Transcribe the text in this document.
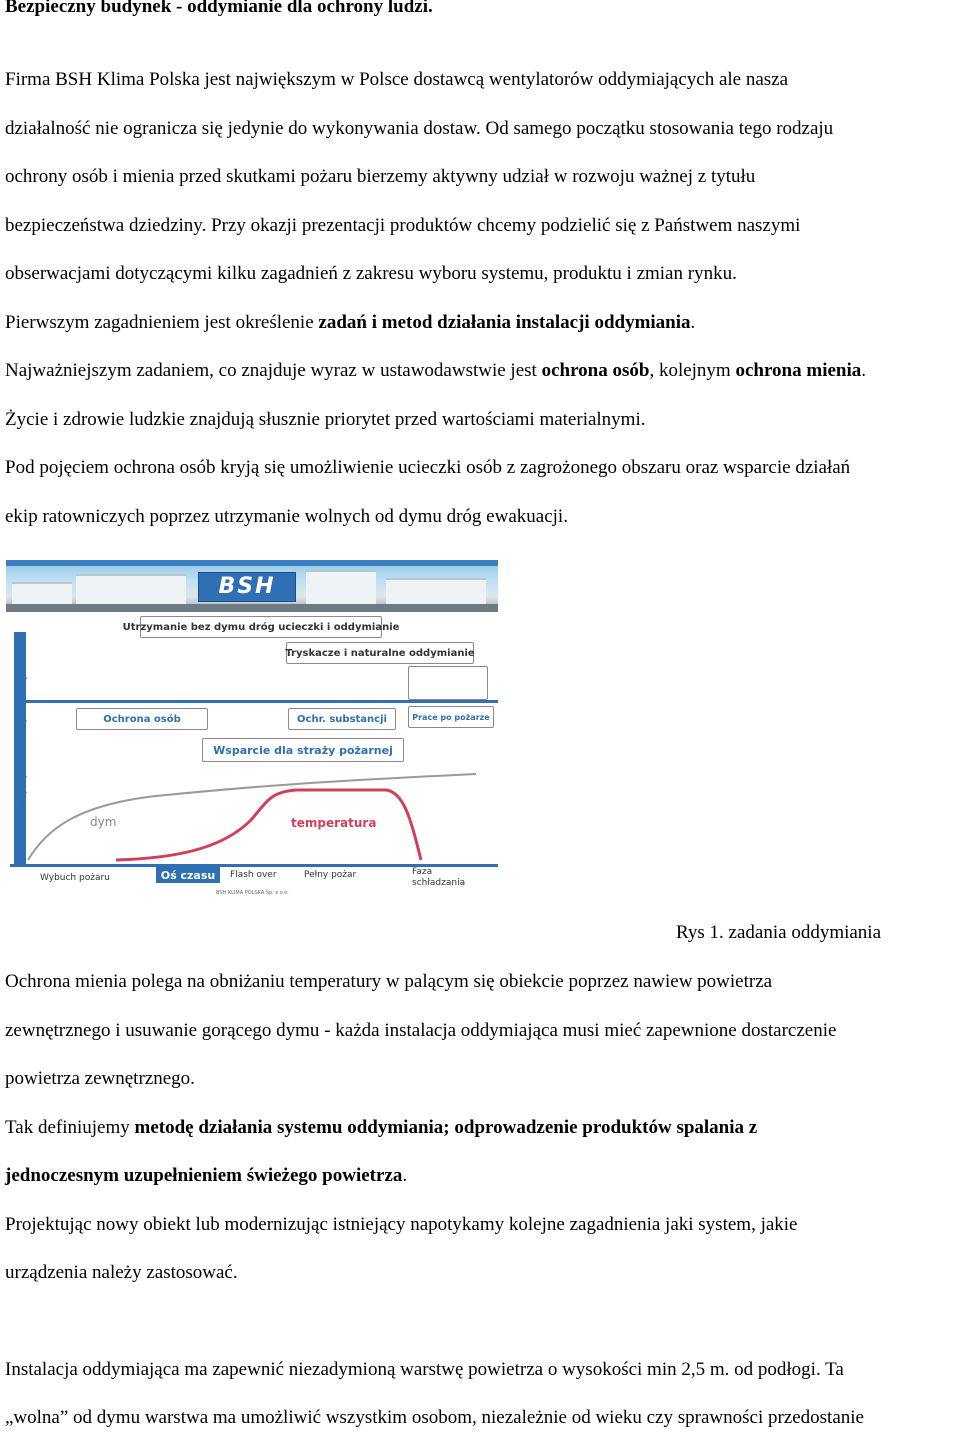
Bezpieczny budynek - oddymianie dla ochrony ludzi.
Firma BSH Klima Polska jest największym w Polsce dostawcą wentylatorów oddymiających ale nasza
działalność nie ogranicza się jedynie do wykonywania dostaw. Od samego początku stosowania tego rodzaju
ochrony osób i mienia przed skutkami pożaru bierzemy aktywny udział w rozwoju ważnej z tytułu
bezpieczeństwa dziedziny. Przy okazji prezentacji produktów chcemy podzielić się z Państwem naszymi
obserwacjami dotyczącymi kilku zagadnień z zakresu wyboru systemu, produktu i zmian rynku.
Pierwszym zagadnieniem jest określenie zadań i metod działania instalacji oddymiania.
Najważniejszym zadaniem, co znajduje wyraz w ustawodawstwie jest ochrona osób, kolejnym ochrona mienia.
Życie i zdrowie ludzkie znajdują słusznie priorytet przed wartościami materialnymi.
Pod pojęciem ochrona osób kryją się umożliwienie ucieczki osób z zagrożonego obszaru oraz wsparcie działań
ekip ratowniczych poprzez utrzymanie wolnych od dymu dróg ewakuacji.
BSH
Utrzymanie bez dymu dróg ucieczki i oddymianie
Tryskacze i naturalne oddymianie
Ochrona osób	Ochr. substancji	Prace po pożarze
Wsparcie dla straży pożarnej
Rozwój dymu i temperatury	dym	temperatura
Wybuch pożaru	Oś czasu	Flash over	Pełny pożar	Faza schładzania
BSH KLIMA POLSKA Sp. z o.o.
Rys 1. zadania oddymiania
Ochrona mienia polega na obniżaniu temperatury w palącym się obiekcie poprzez nawiew powietrza
zewnętrznego i usuwanie gorącego dymu - każda instalacja oddymiająca musi mieć zapewnione dostarczenie
powietrza zewnętrznego.
Tak definiujemy metodę działania systemu oddymiania; odprowadzenie produktów spalania z
jednoczesnym uzupełnieniem świeżego powietrza.
Projektując nowy obiekt lub modernizując istniejący napotykamy kolejne zagadnienia jaki system, jakie
urządzenia należy zastosować.
Instalacja oddymiająca ma zapewnić niezadymioną warstwę powietrza o wysokości min 2,5 m. od podłogi. Ta
„wolna” od dymu warstwa ma umożliwić wszystkim osobom, niezależnie od wieku czy sprawności przedostanie
